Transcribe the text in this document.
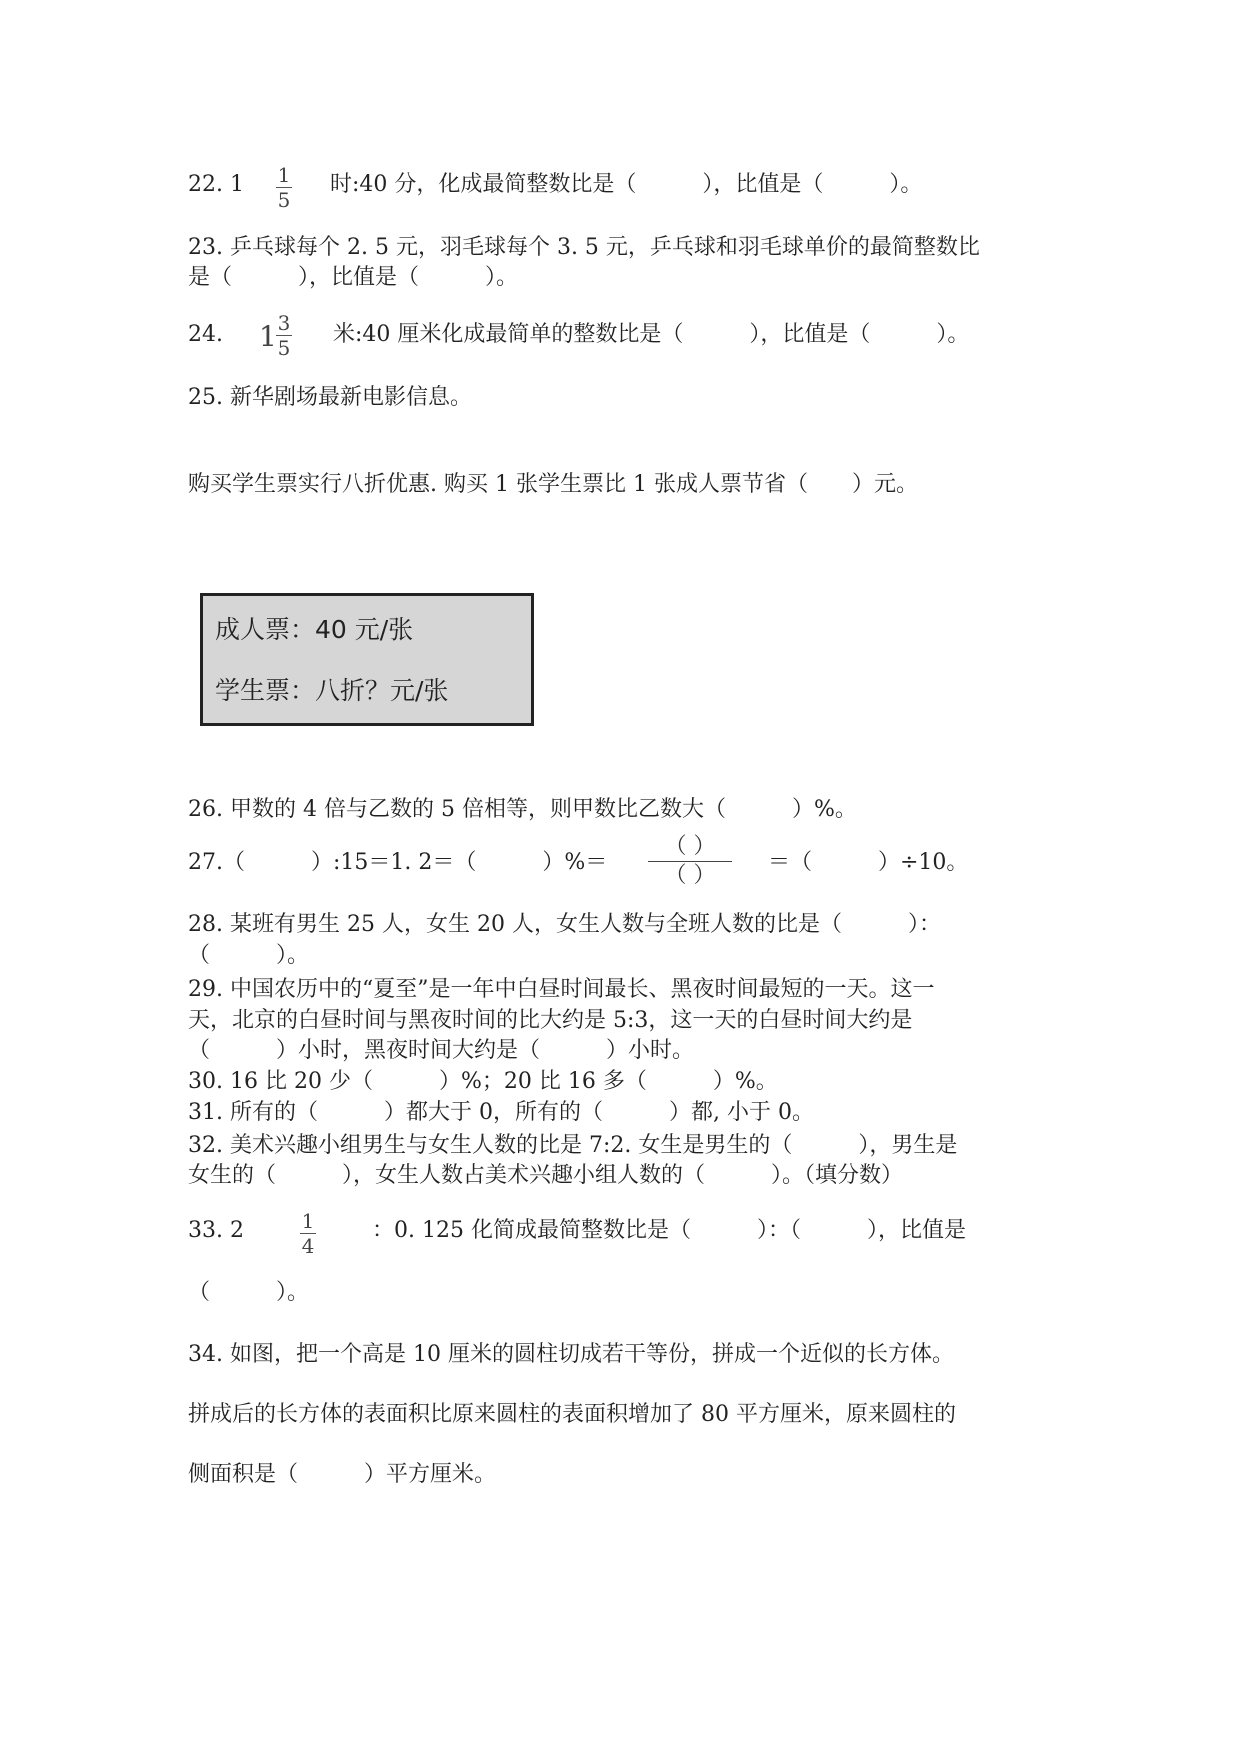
22. 1 1
5
时:40 分，化成最简整数比是（　　　），比值是（　　　）。
23. 乒乓球每个 2. 5 元，羽毛球每个 3. 5 元，乒乓球和羽毛球单价的最简整数比
是（　　　），比值是（　　　）。
24. 1 3
5
米:40 厘米化成最简单的整数比是（　　　），比值是（　　　）。
25. 新华剧场最新电影信息。
购买学生票实行八折优惠. 购买 1 张学生票比 1 张成人票节省（　　）元。
成人票：40 元/张
学生票：八折？元/张
26. 甲数的 4 倍与乙数的 5 倍相等，则甲数比乙数大（　　　）%。
27.（　　　）:15＝1. 2＝（　　　）%＝
（ ）
（ ）
＝（　　　）÷10。
28. 某班有男生 25 人，女生 20 人，女生人数与全班人数的比是（　　　）：
（　　　）。
29. 中国农历中的“夏至”是一年中白昼时间最长、黑夜时间最短的一天。这一
天，北京的白昼时间与黑夜时间的比大约是 5:3，这一天的白昼时间大约是
（　　　）小时，黑夜时间大约是（　　　）小时。
30. 16 比 20 少（　　　）%；20 比 16 多（　　　）%。
31. 所有的（　　　）都大于 0，所有的（　　　）都, 小于 0。
32. 美术兴趣小组男生与女生人数的比是 7:2. 女生是男生的（　　　），男生是
女生的（　　　），女生人数占美术兴趣小组人数的（　　　）。（填分数）
33. 2	1
4
：0. 125 化简成最简整数比是（　　　）：（　　　），比值是
（　　　）。
34. 如图，把一个高是 10 厘米的圆柱切成若干等份，拼成一个近似的长方体。
拼成后的长方体的表面积比原来圆柱的表面积增加了 80 平方厘米，原来圆柱的
侧面积是（　　　）平方厘米。
